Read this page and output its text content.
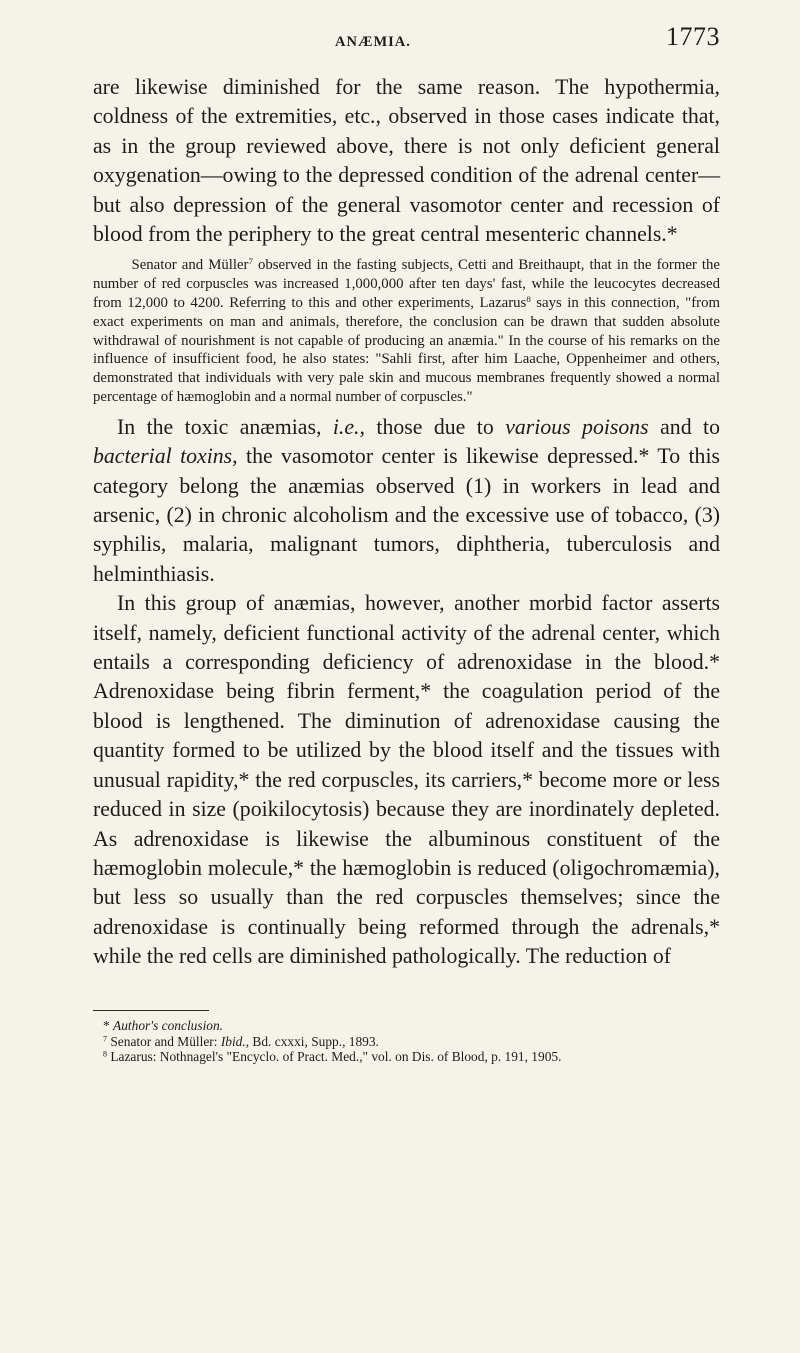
ANÆMIA.	1773

are likewise diminished for the same reason. The hypothermia, coldness of the extremities, etc., observed in those cases indicate that, as in the group reviewed above, there is not only deficient general oxygenation—owing to the depressed condition of the adrenal center—but also depression of the general vasomotor center and recession of blood from the periphery to the great central mesenteric channels.*

Senator and Müller$^7$ observed in the fasting subjects, Cetti and Breithaupt, that in the former the number of red corpuscles was increased 1,000,000 after ten days' fast, while the leucocytes decreased from 12,000 to 4200. Referring to this and other experiments, Lazarus$^8$ says in this connection, "from exact experiments on man and animals, therefore, the conclusion can be drawn that sudden absolute withdrawal of nourishment is not capable of producing an anæmia." In the course of his remarks on the influence of insufficient food, he also states: "Sahli first, after him Laache, Oppenheimer and others, demonstrated that individuals with very pale skin and mucous membranes frequently showed a normal percentage of hæmoglobin and a normal number of corpuscles."

In the toxic anæmias, i.e., those due to various poisons and to bacterial toxins, the vasomotor center is likewise depressed.* To this category belong the anæmias observed (1) in workers in lead and arsenic, (2) in chronic alcoholism and the excessive use of tobacco, (3) syphilis, malaria, malignant tumors, diphtheria, tuberculosis and helminthiasis.

In this group of anæmias, however, another morbid factor asserts itself, namely, deficient functional activity of the adrenal center, which entails a corresponding deficiency of adrenoxidase in the blood.* Adrenoxidase being fibrin ferment,* the coagulation period of the blood is lengthened. The diminution of adrenoxidase causing the quantity formed to be utilized by the blood itself and the tissues with unusual rapidity,* the red corpuscles, its carriers,* become more or less reduced in size (poikilocytosis) because they are inordinately depleted. As adrenoxidase is likewise the albuminous constituent of the hæmoglobin molecule,* the hæmoglobin is reduced (oligochromæmia), but less so usually than the red corpuscles themselves; since the adrenoxidase is continually being reformed through the adrenals,* while the red cells are diminished pathologically. The reduction of

* Author's conclusion.

$^7$ Senator and Müller: Ibid., Bd. cxxxi, Supp., 1893.

$^8$ Lazarus: Nothnagel's "Encyclo. of Pract. Med.," vol. on Dis. of Blood, p. 191, 1905.
